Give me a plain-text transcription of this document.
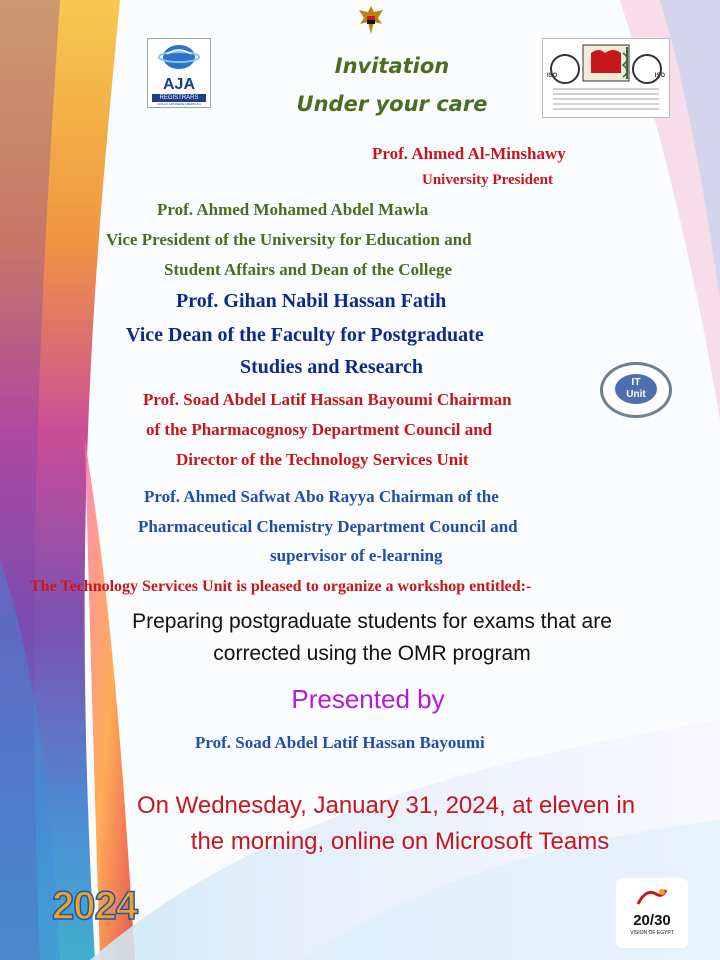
AJA
REGISTRARS
ANGLO JAPANESE AMERICAN
ISO	ISO
IT
Unit
Invitation
Under your care
Prof. Ahmed Al-Minshawy
University President
Prof. Ahmed Mohamed Abdel Mawla
Vice President of the University for Education and
Student Affairs and Dean of the College
Prof. Gihan Nabil Hassan Fatih
Vice Dean of the Faculty for Postgraduate
Studies and Research
Prof. Soad Abdel Latif Hassan Bayoumi Chairman
of the Pharmacognosy Department Council and
Director of the Technology Services Unit
Prof. Ahmed Safwat Abo Rayya Chairman of the
Pharmaceutical Chemistry Department Council and
supervisor of e-learning
The Technology Services Unit is pleased to organize a workshop entitled:-
Preparing postgraduate students for exams that are
corrected using the OMR program
Presented by
Prof. Soad Abdel Latif Hassan Bayoumi
On Wednesday, January 31, 2024, at eleven in
the morning, online on Microsoft Teams
2024	20/30
VISION OF EGYPT
